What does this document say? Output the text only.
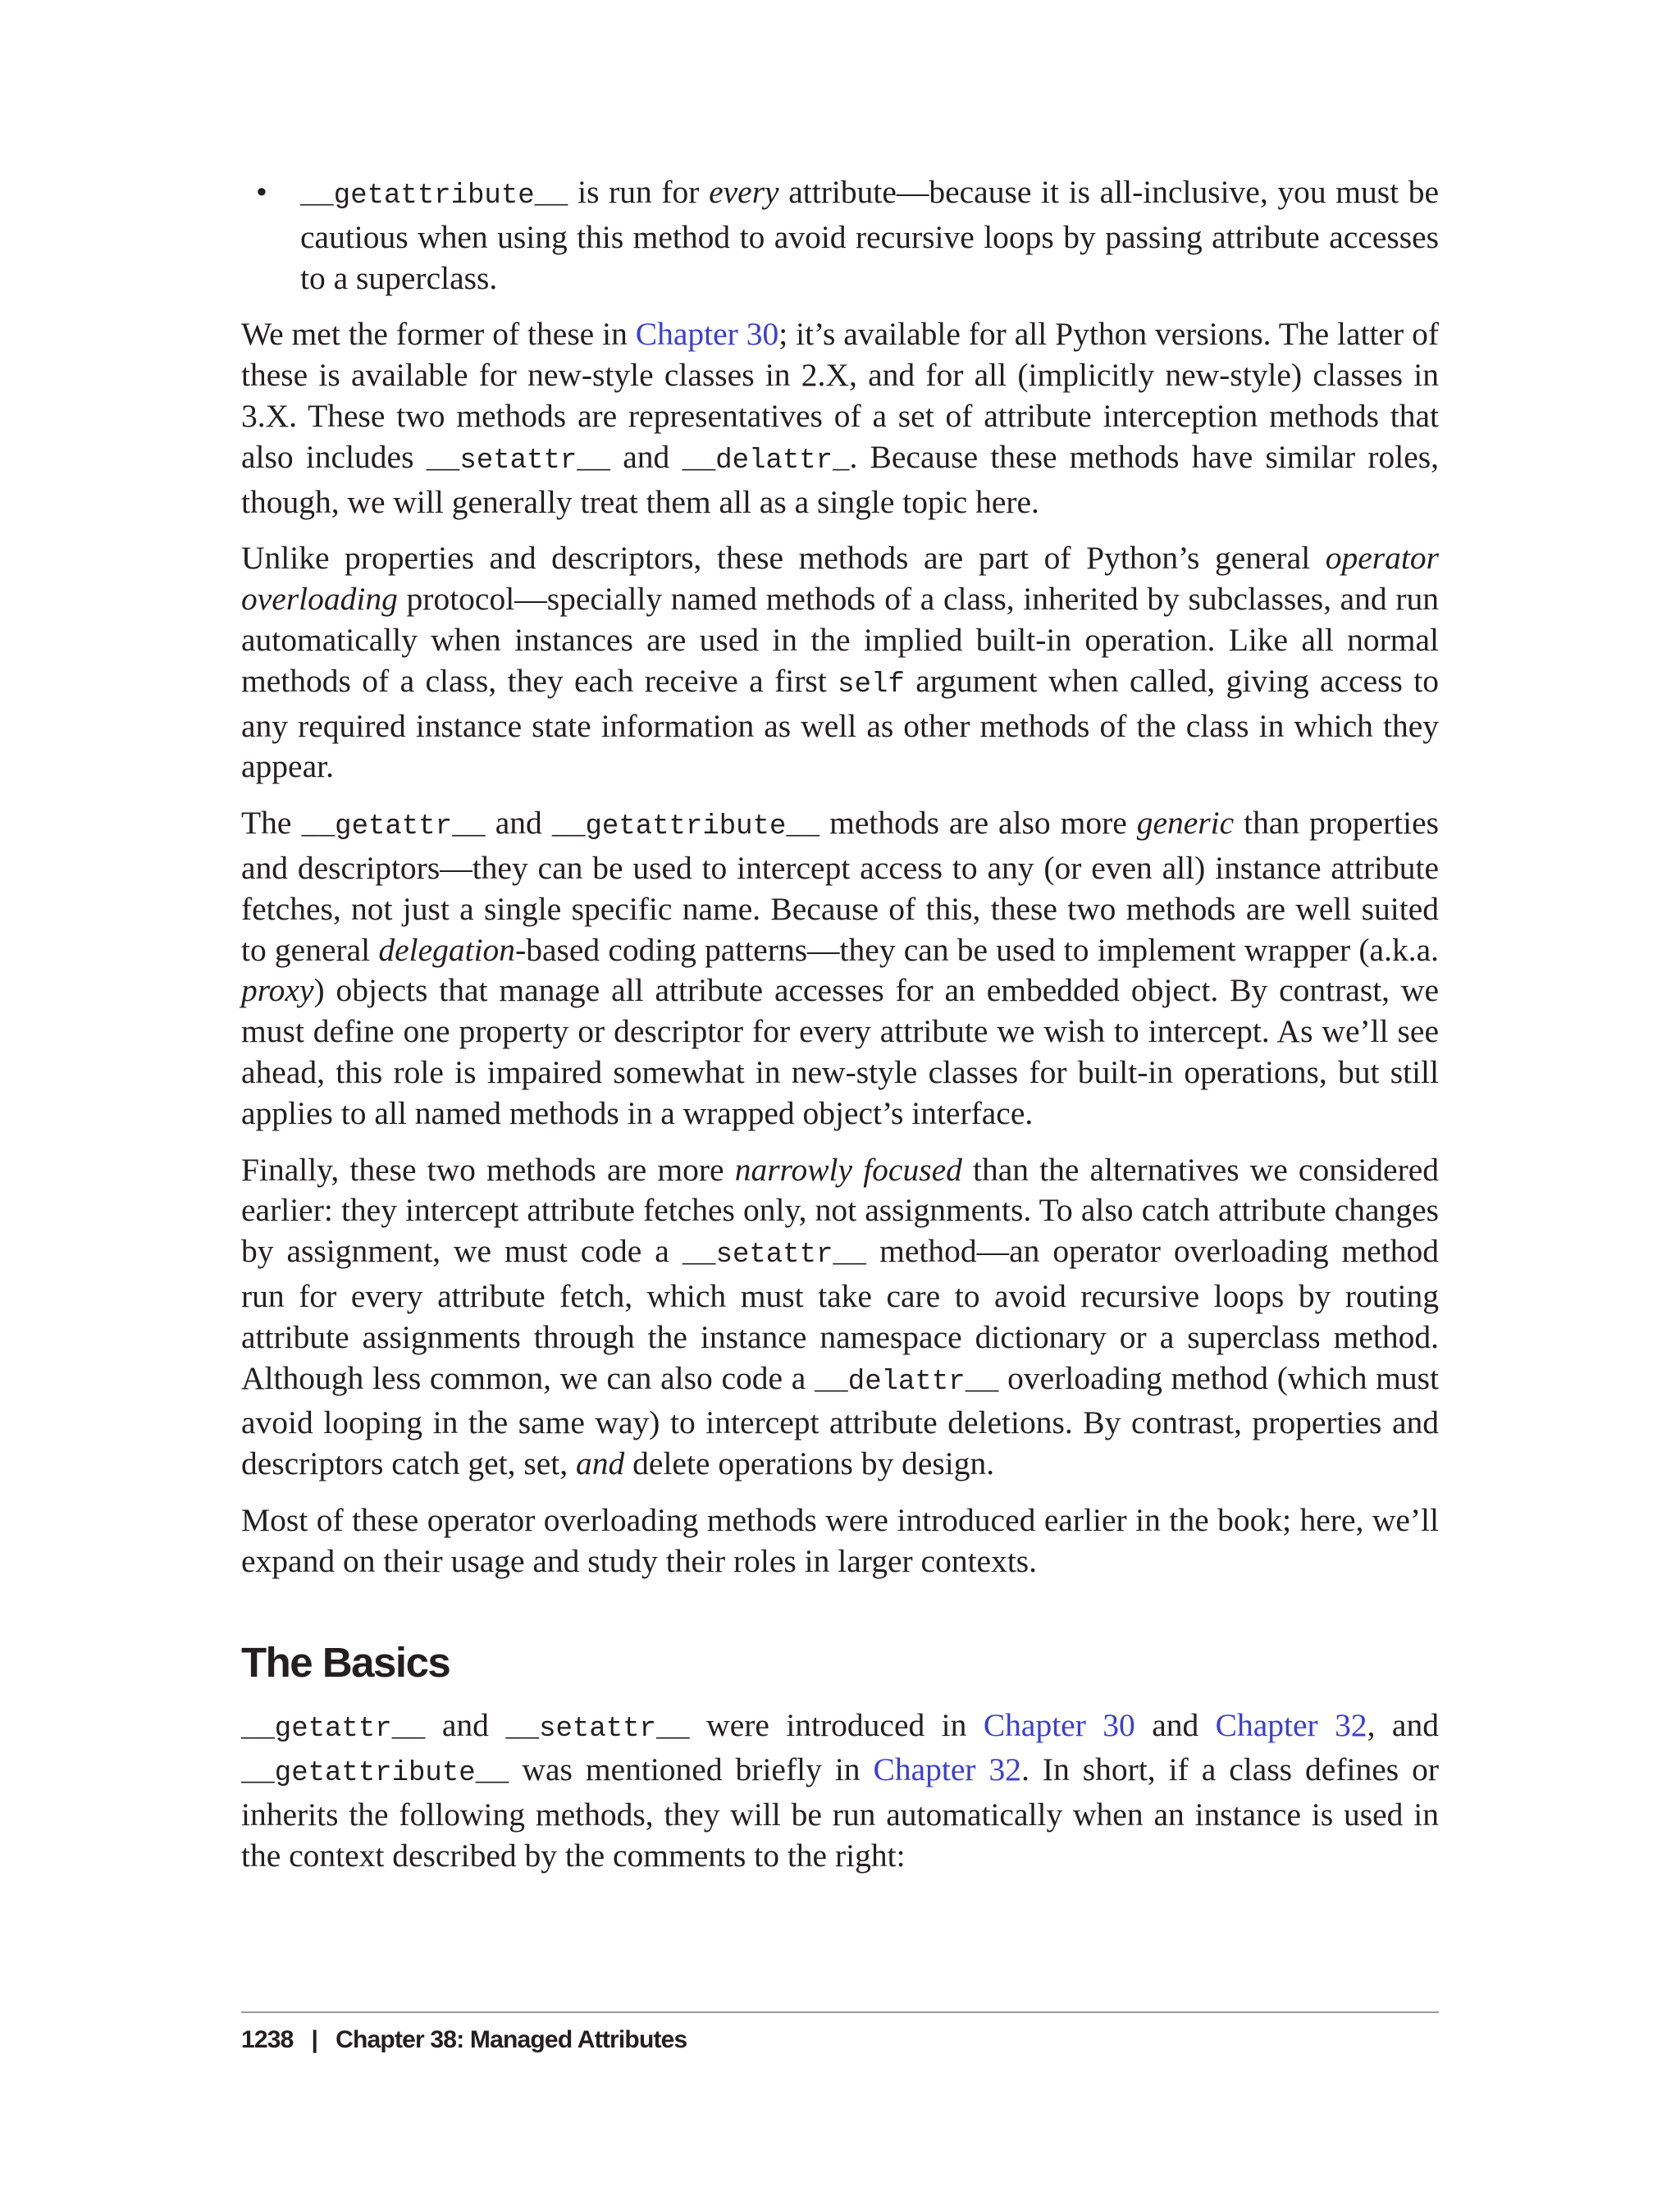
• __getattribute__ is run for every attribute—because it is all-inclusive, you must be cautious when using this method to avoid recursive loops by passing attribute accesses to a superclass.

We met the former of these in Chapter 30; it’s available for all Python versions. The latter of these is available for new-style classes in 2.X, and for all (implicitly new-style) classes in 3.X. These two methods are representatives of a set of attribute interception methods that also includes __setattr__ and __delattr_. Because these methods have similar roles, though, we will generally treat them all as a single topic here.

Unlike properties and descriptors, these methods are part of Python’s general operator overloading protocol—specially named methods of a class, inherited by subclasses, and run automatically when instances are used in the implied built-in operation. Like all normal methods of a class, they each receive a first self argument when called, giving access to any required instance state information as well as other methods of the class in which they appear.

The __getattr__ and __getattribute__ methods are also more generic than properties and descriptors—they can be used to intercept access to any (or even all) instance attribute fetches, not just a single specific name. Because of this, these two methods are well suited to general delegation-based coding patterns—they can be used to implement wrapper (a.k.a. proxy) objects that manage all attribute accesses for an embedded object. By contrast, we must define one property or descriptor for every attribute we wish to intercept. As we’ll see ahead, this role is impaired somewhat in new-style classes for built-in operations, but still applies to all named methods in a wrapped object’s interface.

Finally, these two methods are more narrowly focused than the alternatives we considered earlier: they intercept attribute fetches only, not assignments. To also catch attribute changes by assignment, we must code a __setattr__ method—an operator overloading method run for every attribute fetch, which must take care to avoid recursive loops by routing attribute assignments through the instance namespace dictionary or a superclass method. Although less common, we can also code a __delattr__ overloading method (which must avoid looping in the same way) to intercept attribute deletions. By contrast, properties and descriptors catch get, set, and delete operations by design.

Most of these operator overloading methods were introduced earlier in the book; here, we’ll expand on their usage and study their roles in larger contexts.

The Basics

__getattr__ and __setattr__ were introduced in Chapter 30 and Chapter 32, and __getattribute__ was mentioned briefly in Chapter 32. In short, if a class defines or inherits the following methods, they will be run automatically when an instance is used in the context described by the comments to the right:

1238 | Chapter 38: Managed Attributes
